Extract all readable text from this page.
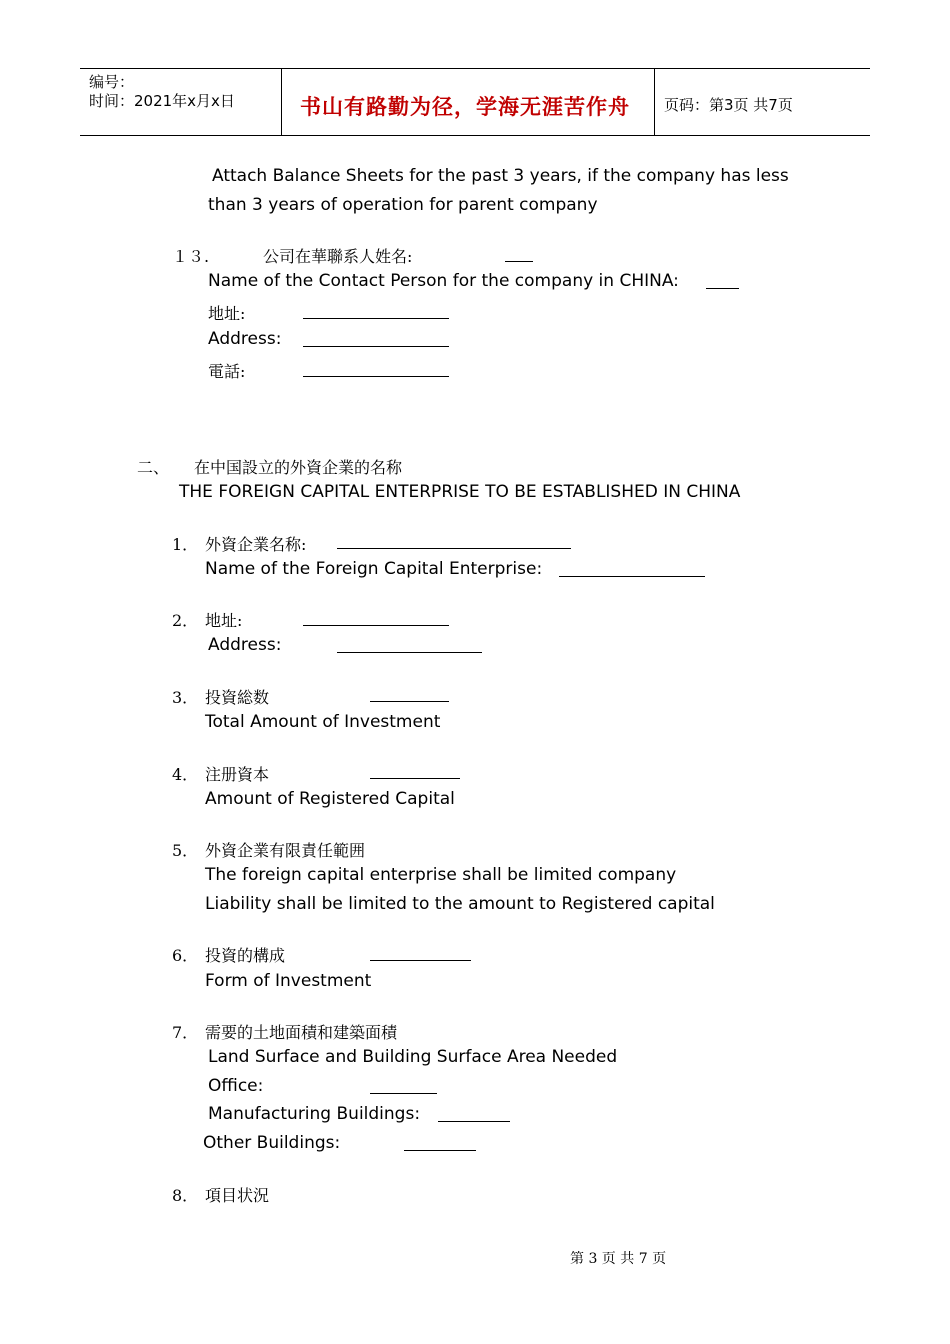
编号：
时间：2021年x月x日	书山有路勤为径，学海无涯苦作舟 页码：第3页 共7页
Attach Balance Sheets for the past 3 years, if the company has less
than 3 years of operation for parent company
１３.	公司在華聯系人姓名:
Name of the Contact Person for the company in CHINA:
地址:
Address:
電話:
二、 在中国設立的外資企業的名称
THE FOREIGN CAPITAL ENTERPRISE TO BE ESTABLISHED IN CHINA
1． 外資企業名称:
Name of the Foreign Capital Enterprise:
2． 地址:
Address:
3． 投資総数
Total Amount of Investment
4． 注册資本
Amount of Registered Capital
5． 外資企業有限責任範囲
The foreign capital enterprise shall be limited company
Liability shall be limited to the amount to Registered capital
6． 投資的構成
Form of Investment
7． 需要的土地面積和建築面積
Land Surface and Building Surface Area Needed
Office:
Manufacturing Buildings:
Other Buildings:
8． 項目状況
第 3 页 共 7 页
